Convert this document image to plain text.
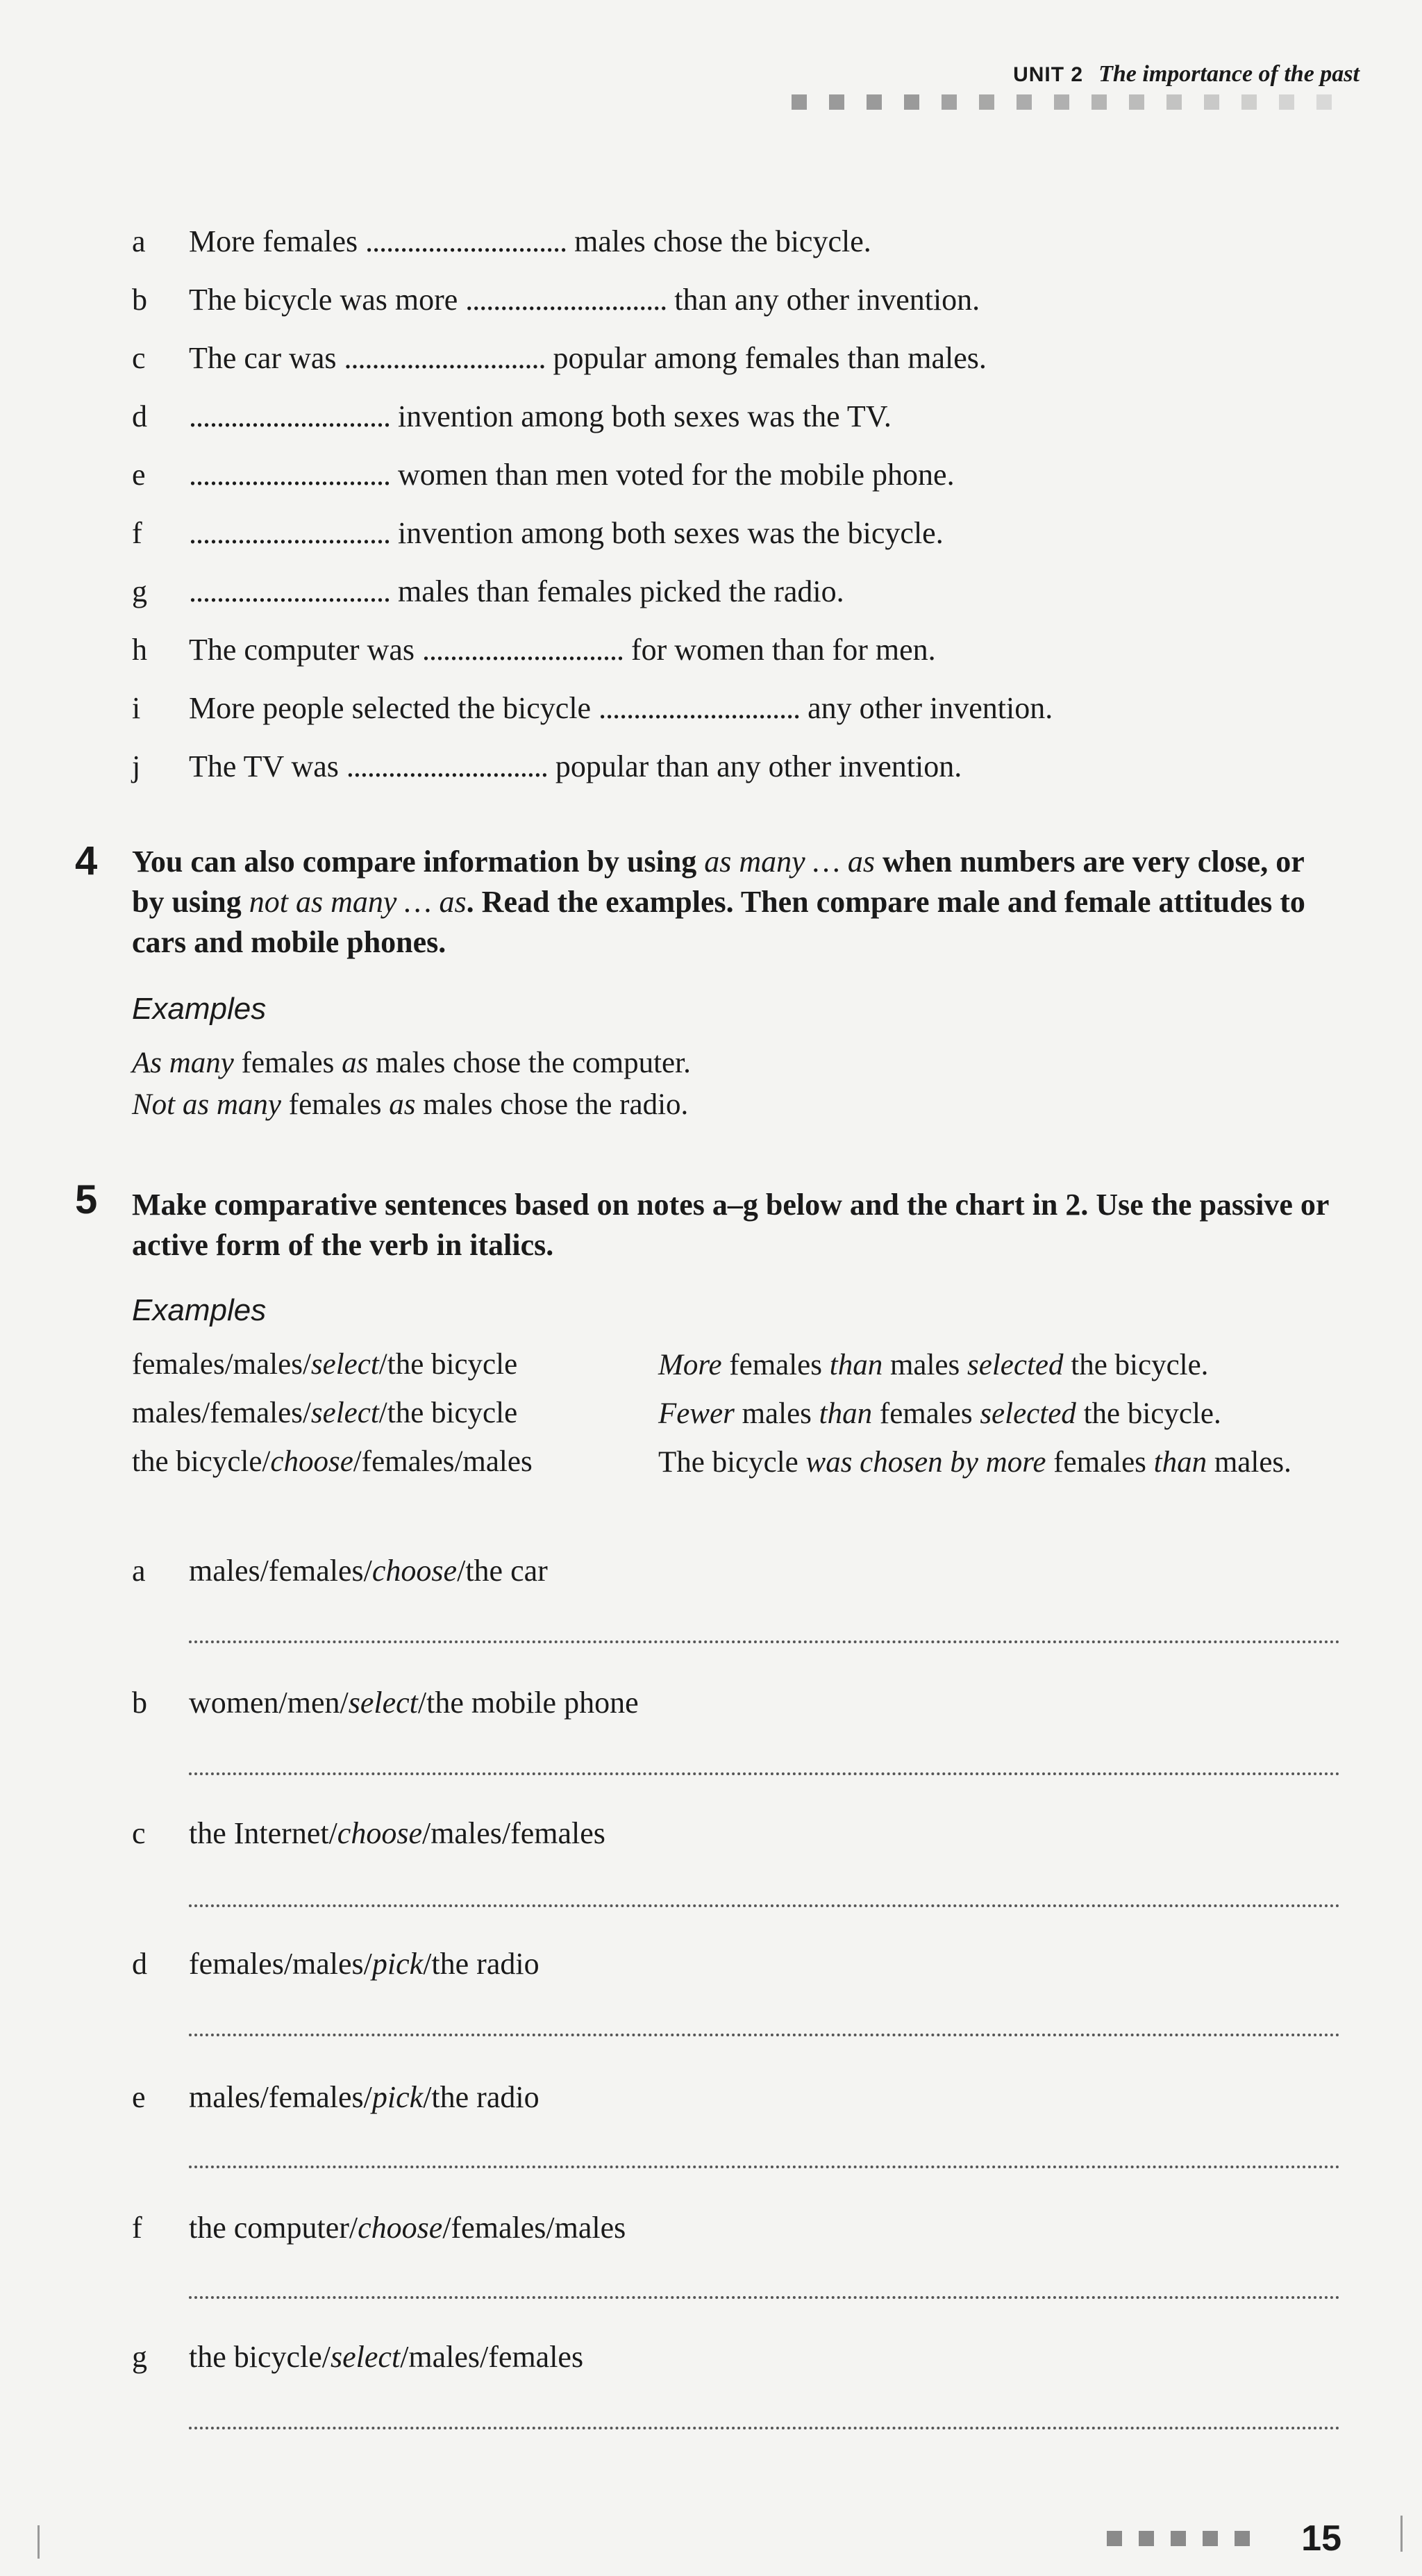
UNIT 2 The importance of the past
a More females ............................. males chose the bicycle.
b The bicycle was more ............................. than any other invention.
c The car was ............................. popular among females than males.
d ............................. invention among both sexes was the TV.
e ............................. women than men voted for the mobile phone.
f ............................. invention among both sexes was the bicycle.
g ............................. males than females picked the radio.
h The computer was ............................. for women than for men.
i More people selected the bicycle ............................. any other invention.
j The TV was ............................. popular than any other invention.
4 You can also compare information by using as many … as when numbers are very close, or by using not as many … as. Read the examples. Then compare male and female attitudes to cars and mobile phones.
Examples
As many females as males chose the computer.
Not as many females as males chose the radio.
5 Make comparative sentences based on notes a–g below and the chart in 2. Use the passive or active form of the verb in italics.
Examples
females/males/select/the bicycle	More females than males selected the bicycle.
males/females/select/the bicycle	Fewer males than females selected the bicycle.
the bicycle/choose/females/males	The bicycle was chosen by more females than males.
a males/females/choose/the car
b women/men/select/the mobile phone
c the Internet/choose/males/females
d females/males/pick/the radio
e males/females/pick/the radio
f the computer/choose/females/males
g the bicycle/select/males/females
15
